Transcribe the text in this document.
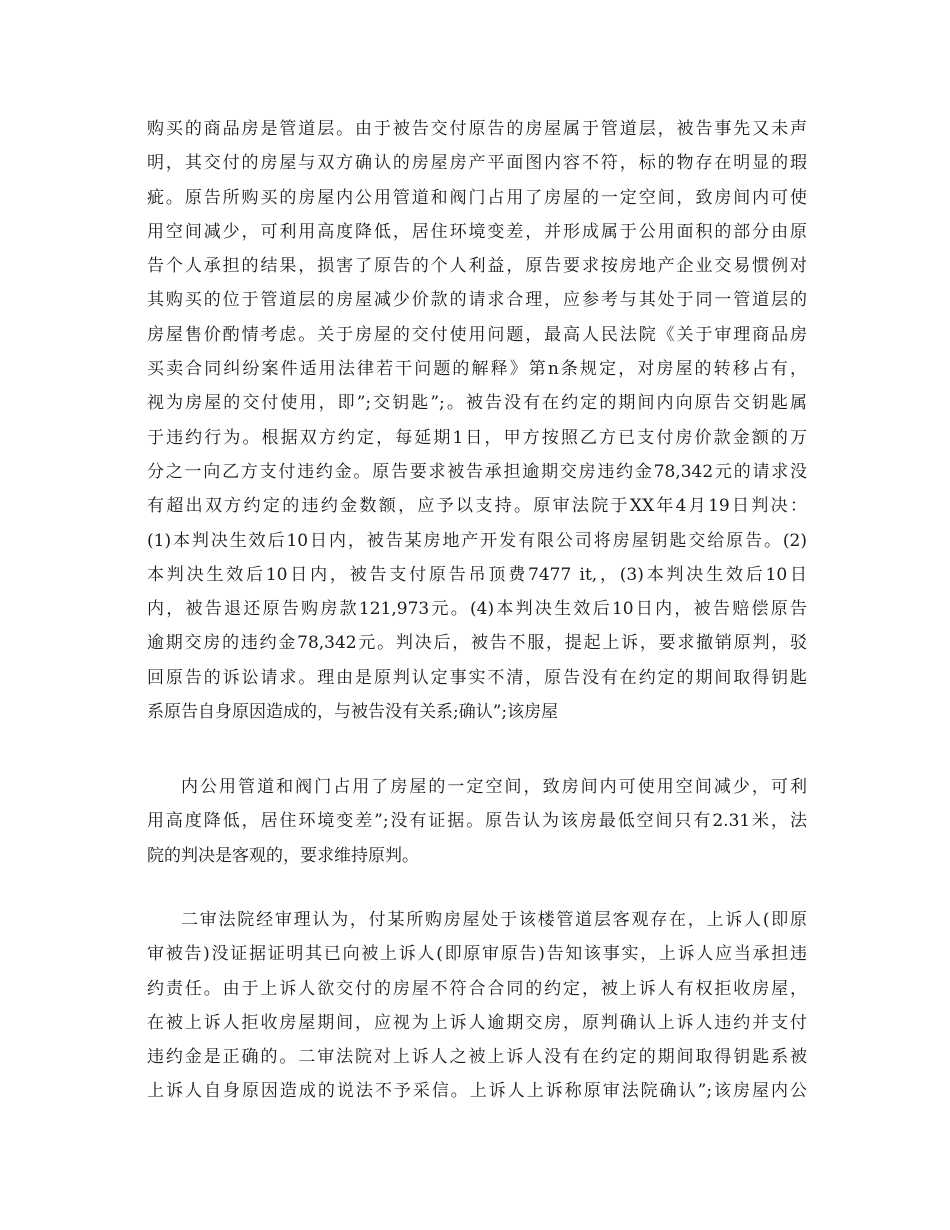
购买的商品房是管道层。由于被告交付原告的房屋属于管道层，被告事先又未声
明，其交付的房屋与双方确认的房屋房产平面图内容不符，标的物存在明显的瑕
疵。原告所购买的房屋内公用管道和阀门占用了房屋的一定空间，致房间内可使
用空间减少，可利用高度降低，居住环境变差，并形成属于公用面积的部分由原
告个人承担的结果，损害了原告的个人利益，原告要求按房地产企业交易惯例对
其购买的位于管道层的房屋减少价款的请求合理，应参考与其处于同一管道层的
房屋售价酌情考虑。关于房屋的交付使用问题，最高人民法院《关于审理商品房
买卖合同纠纷案件适用法律若干问题的解释》第n条规定，对房屋的转移占有，
视为房屋的交付使用，即”;交钥匙”;。被告没有在约定的期间内向原告交钥匙属
于违约行为。根据双方约定，每延期1日，甲方按照乙方已支付房价款金额的万
分之一向乙方支付违约金。原告要求被告承担逾期交房违约金78,342元的请求没
有超出双方约定的违约金数额，应予以支持。原审法院于XX年4月19日判决：
(1)本判决生效后10日内，被告某房地产开发有限公司将房屋钥匙交给原告。(2)
本判决生效后10日内，被告支付原告吊顶费7477 it,，(3)本判决生效后10日
内，被告退还原告购房款121,973元。(4)本判决生效后10日内，被告赔偿原告
逾期交房的违约金78,342元。判决后，被告不服，提起上诉，要求撤销原判，驳
回原告的诉讼请求。理由是原判认定事实不清，原告没有在约定的期间取得钥匙
系原告自身原因造成的，与被告没有关系;确认”;该房屋
内公用管道和阀门占用了房屋的一定空间，致房间内可使用空间减少，可利
用高度降低，居住环境变差”;没有证据。原告认为该房最低空间只有2.31米，法
院的判决是客观的，要求维持原判。
二审法院经审理认为，付某所购房屋处于该楼管道层客观存在，上诉人(即原
审被告)没证据证明其已向被上诉人(即原审原告)告知该事实，上诉人应当承担违
约责任。由于上诉人欲交付的房屋不符合合同的约定，被上诉人有权拒收房屋，
在被上诉人拒收房屋期间，应视为上诉人逾期交房，原判确认上诉人违约并支付
违约金是正确的。二审法院对上诉人之被上诉人没有在约定的期间取得钥匙系被
上诉人自身原因造成的说法不予采信。上诉人上诉称原审法院确认”;该房屋内公
